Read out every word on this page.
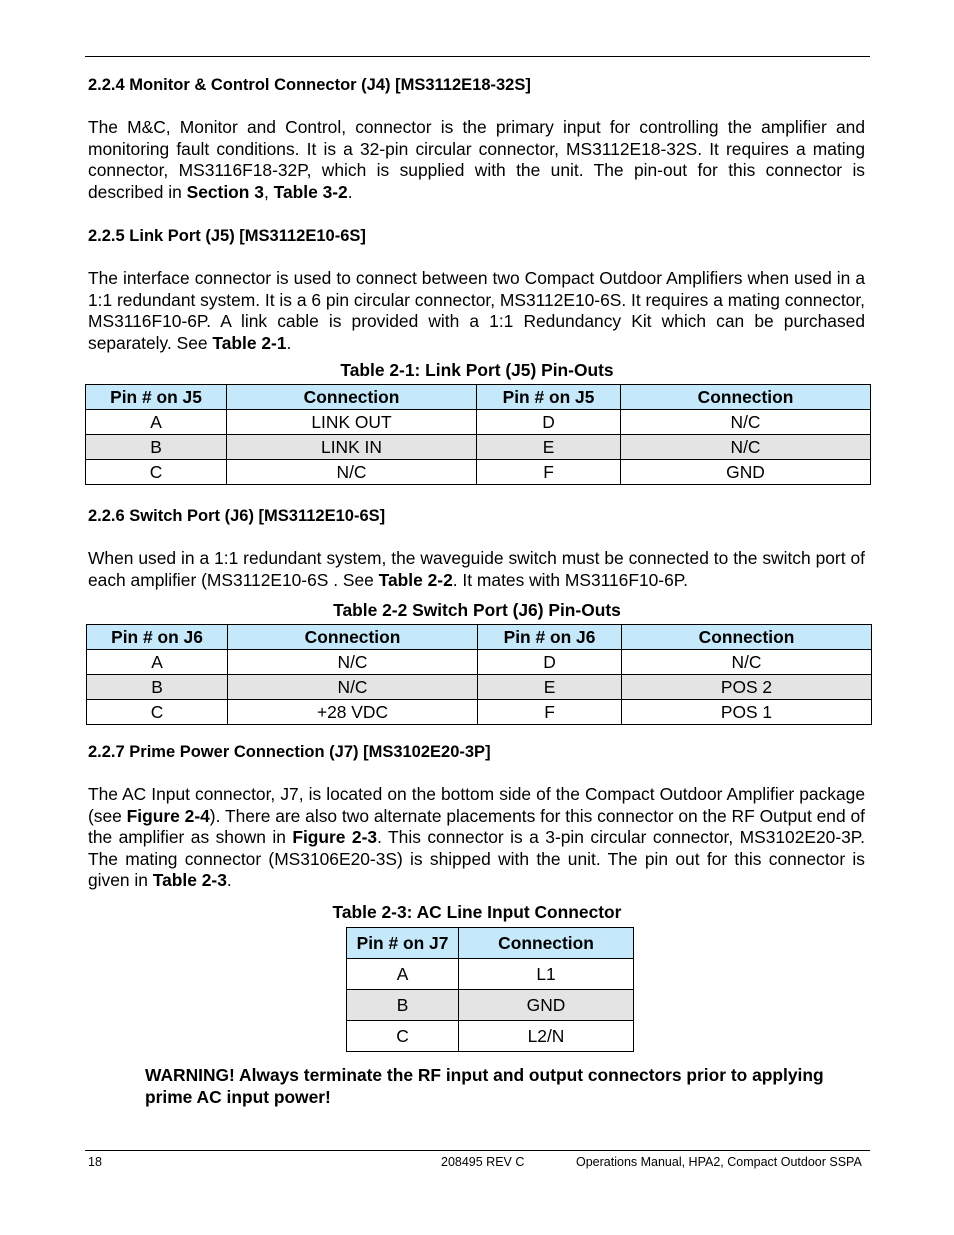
2.2.4 Monitor & Control Connector (J4) [MS3112E18-32S]

The M&C, Monitor and Control, connector is the primary input for controlling the amplifier and monitoring fault conditions. It is a 32-pin circular connector, MS3112E18-32S. It requires a mating connector, MS3116F18-32P, which is supplied with the unit. The pin-out for this connector is described in Section 3, Table 3-2.

2.2.5 Link Port (J5) [MS3112E10-6S]

The interface connector is used to connect between two Compact Outdoor Amplifiers when used in a 1:1 redundant system. It is a 6 pin circular connector, MS3112E10-6S. It requires a mating connector, MS3116F10-6P. A link cable is provided with a 1:1 Redundancy Kit which can be purchased separately. See Table 2-1.

Table 2-1: Link Port (J5) Pin-Outs
Pin # on J5	Connection	Pin # on J5	Connection
A	LINK OUT	D	N/C
B	LINK IN	E	N/C
C	N/C	F	GND
2.2.6 Switch Port (J6) [MS3112E10-6S]

When used in a 1:1 redundant system, the waveguide switch must be connected to the switch port of each amplifier (MS3112E10-6S . See Table 2-2. It mates with MS3116F10-6P.

Table 2-2 Switch Port (J6) Pin-Outs
Pin # on J6	Connection	Pin # on J6	Connection
A	N/C	D	N/C
B	N/C	E	POS 2
C	+28 VDC	F	POS 1
2.2.7 Prime Power Connection (J7) [MS3102E20-3P]

The AC Input connector, J7, is located on the bottom side of the Compact Outdoor Amplifier package (see Figure 2-4). There are also two alternate placements for this connector on the RF Output end of the amplifier as shown in Figure 2-3. This connector is a 3-pin circular connector, MS3102E20-3P. The mating connector (MS3106E20-3S) is shipped with the unit. The pin out for this connector is given in Table 2-3.

Table 2-3: AC Line Input Connector
Pin # on J7	Connection
A	L1
B	GND
C	L2/N

WARNING! Always terminate the RF input and output connectors prior to applying prime AC input power!

18	208495 REV C	Operations Manual, HPA2, Compact Outdoor SSPA
